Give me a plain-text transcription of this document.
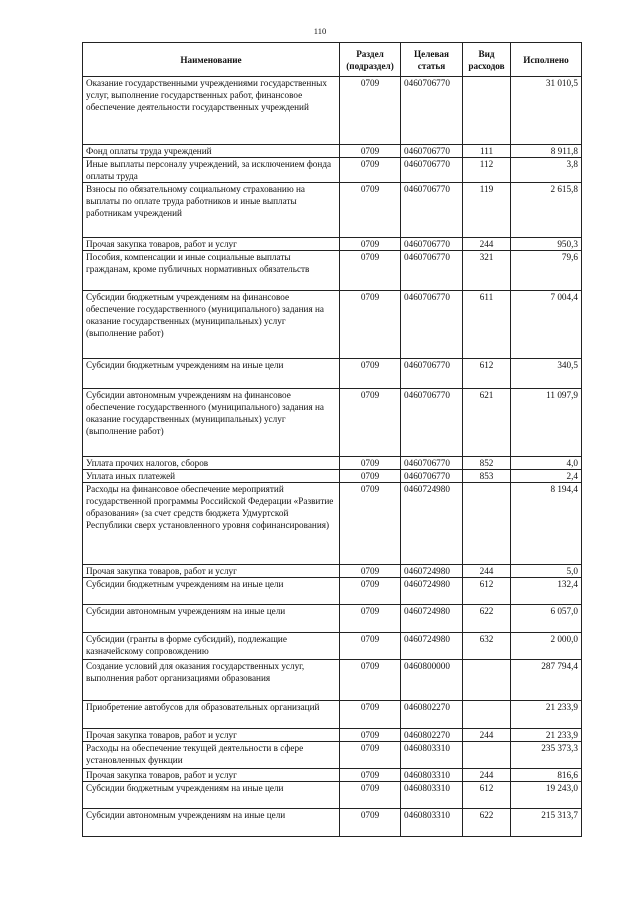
110
Наименование	Раздел (подраздел)	Целевая статья	Вид расходов	Исполнено
Оказание государственными учреждениями государственных услуг, выполнение государственных работ, финансовое обеспечение деятельности государственных учреждений	0709	0460706770		31 010,5
Фонд оплаты труда учреждений	0709	0460706770	111	8 911,8
Иные выплаты персоналу учреждений, за исключением фонда оплаты труда	0709	0460706770	112	3,8
Взносы по обязательному социальному страхованию на выплаты по оплате труда работников и иные выплаты работникам учреждений	0709	0460706770	119	2 615,8
Прочая закупка товаров, работ и услуг	0709	0460706770	244	950,3
Пособия, компенсации и иные социальные выплаты гражданам, кроме публичных нормативных обязательств	0709	0460706770	321	79,6
Субсидии бюджетным учреждениям на финансовое обеспечение государственного (муниципального) задания на оказание государственных (муниципальных) услуг (выполнение работ)	0709	0460706770	611	7 004,4
Субсидии бюджетным учреждениям на иные цели	0709	0460706770	612	340,5
Субсидии автономным учреждениям на финансовое обеспечение государственного (муниципального) задания на оказание государственных (муниципальных) услуг (выполнение работ)	0709	0460706770	621	11 097,9
Уплата прочих налогов, сборов	0709	0460706770	852	4,0
Уплата иных платежей	0709	0460706770	853	2,4
Расходы на финансовое обеспечение мероприятий государственной программы Российской Федерации «Развитие образования» (за счет средств бюджета Удмуртской Республики сверх установленного уровня софинансирования)	0709	0460724980		8 194,4
Прочая закупка товаров, работ и услуг	0709	0460724980	244	5,0
Субсидии бюджетным учреждениям на иные цели	0709	0460724980	612	132,4
Субсидии автономным учреждениям на иные цели	0709	0460724980	622	6 057,0
Субсидии (гранты в форме субсидий), подлежащие казначейскому сопровождению	0709	0460724980	632	2 000,0
Создание условий для оказания государственных услуг, выполнения работ организациями образования	0709	0460800000		287 794,4
Приобретение автобусов для образовательных организаций	0709	0460802270		21 233,9
Прочая закупка товаров, работ и услуг	0709	0460802270	244	21 233,9
Расходы на обеспечение текущей деятельности в сфере установленных функции	0709	0460803310		235 373,3
Прочая закупка товаров, работ и услуг	0709	0460803310	244	816,6
Субсидии бюджетным учреждениям на иные цели	0709	0460803310	612	19 243,0
Субсидии автономным учреждениям на иные цели	0709	0460803310	622	215 313,7
